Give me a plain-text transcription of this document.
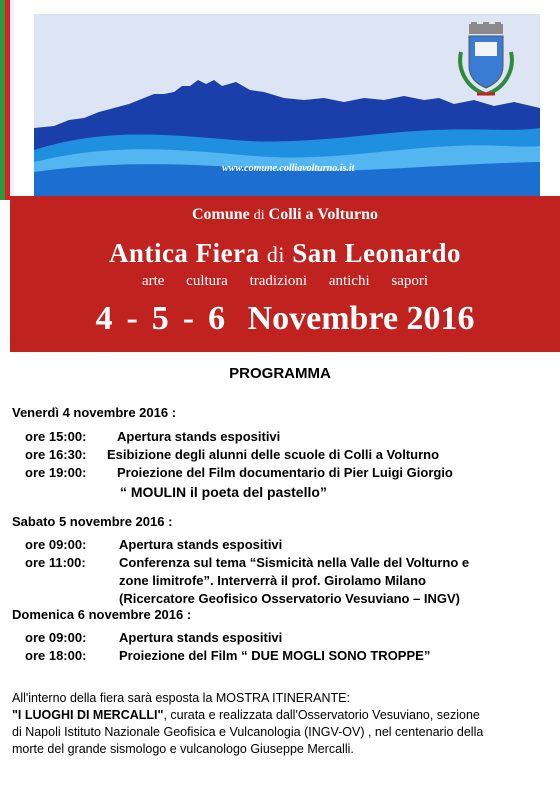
www.comune.colliavolturno.is.it
Comune di Colli a Volturno
Antica Fiera di San Leonardo
arte cultura tradizioni antichi sapori
4 - 5 - 6 Novembre 2016
PROGRAMMA
Venerdì 4 novembre 2016 :
ore 15:00: Apertura stands espositivi
ore 16:30: Esibizione degli alunni delle scuole di Colli a Volturno
ore 19:00: Proiezione del Film documentario di Pier Luigi Giorgio
“ MOULIN il poeta del pastello”
Sabato 5 novembre 2016 :
ore 09:00:	Apertura stands espositivi
ore 11:00:	Conferenza sul tema “Sismicità nella Valle del Volturno e
zone limitrofe”. Interverrà il prof. Girolamo Milano
(Ricercatore Geofisico Osservatorio Vesuviano – INGV)
Domenica 6 novembre 2016 :
ore 09:00:	Apertura stands espositivi
ore 18:00:	Proiezione del Film “ DUE MOGLI SONO TROPPE”
All'interno della fiera sarà esposta la MOSTRA ITINERANTE:
"I LUOGHI DI MERCALLI", curata e realizzata dall'Osservatorio Vesuviano, sezione
di Napoli Istituto Nazionale Geofisica e Vulcanologia (INGV-OV) , nel centenario della
morte del grande sismologo e vulcanologo Giuseppe Mercalli.
